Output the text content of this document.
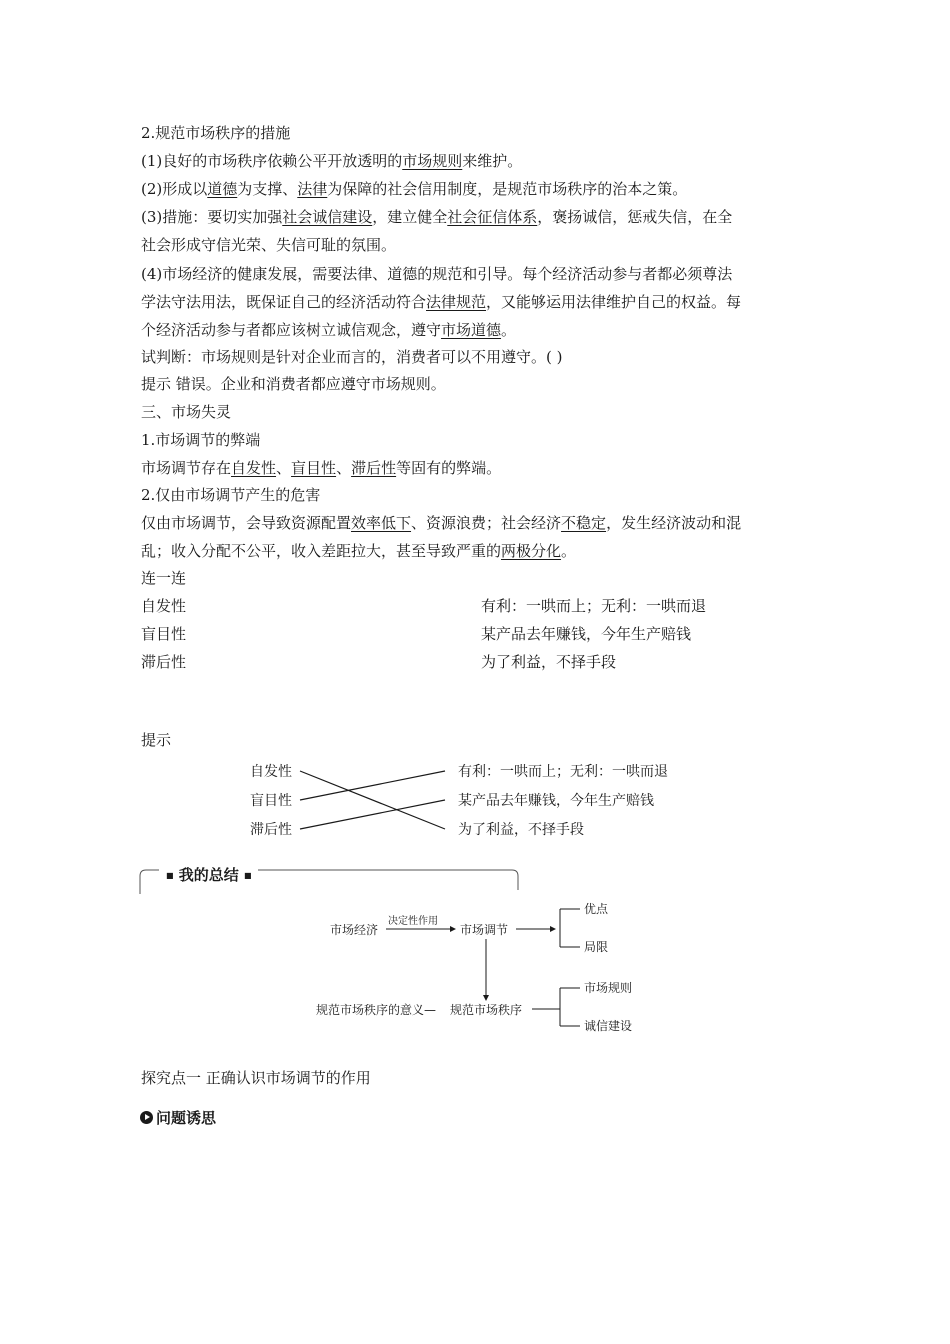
2.规范市场秩序的措施
(1)良好的市场秩序依赖公平开放透明的市场规则来维护。
(2)形成以道德为支撑、法律为保障的社会信用制度，是规范市场秩序的治本之策。
(3)措施：要切实加强社会诚信建设，建立健全社会征信体系，褒扬诚信，惩戒失信，在全
社会形成守信光荣、失信可耻的氛围。
(4)市场经济的健康发展，需要法律、道德的规范和引导。每个经济活动参与者都必须尊法
学法守法用法，既保证自己的经济活动符合法律规范，又能够运用法律维护自己的权益。每
个经济活动参与者都应该树立诚信观念，遵守市场道德。
试判断：市场规则是针对企业而言的，消费者可以不用遵守。( )
提示 错误。企业和消费者都应遵守市场规则。
三、市场失灵
1.市场调节的弊端
市场调节存在自发性、盲目性、滞后性等固有的弊端。
2.仅由市场调节产生的危害
仅由市场调节，会导致资源配置效率低下、资源浪费；社会经济不稳定，发生经济波动和混
乱；收入分配不公平，收入差距拉大，甚至导致严重的两极分化。
连一连
自发性
盲目性
滞后性
有利：一哄而上；无利：一哄而退
某产品去年赚钱，今年生产赔钱
为了利益，不择手段
提示
自发性
盲目性
滞后性
有利：一哄而上；无利：一哄而退
某产品去年赚钱，今年生产赔钱
为了利益，不择手段
■ 我的总结 ■
市场经济
决定性作用
市场调节
优点
局限
规范市场秩序的意义— 规范市场秩序
市场规则
诚信建设
探究点一 正确认识市场调节的作用
问题诱思
